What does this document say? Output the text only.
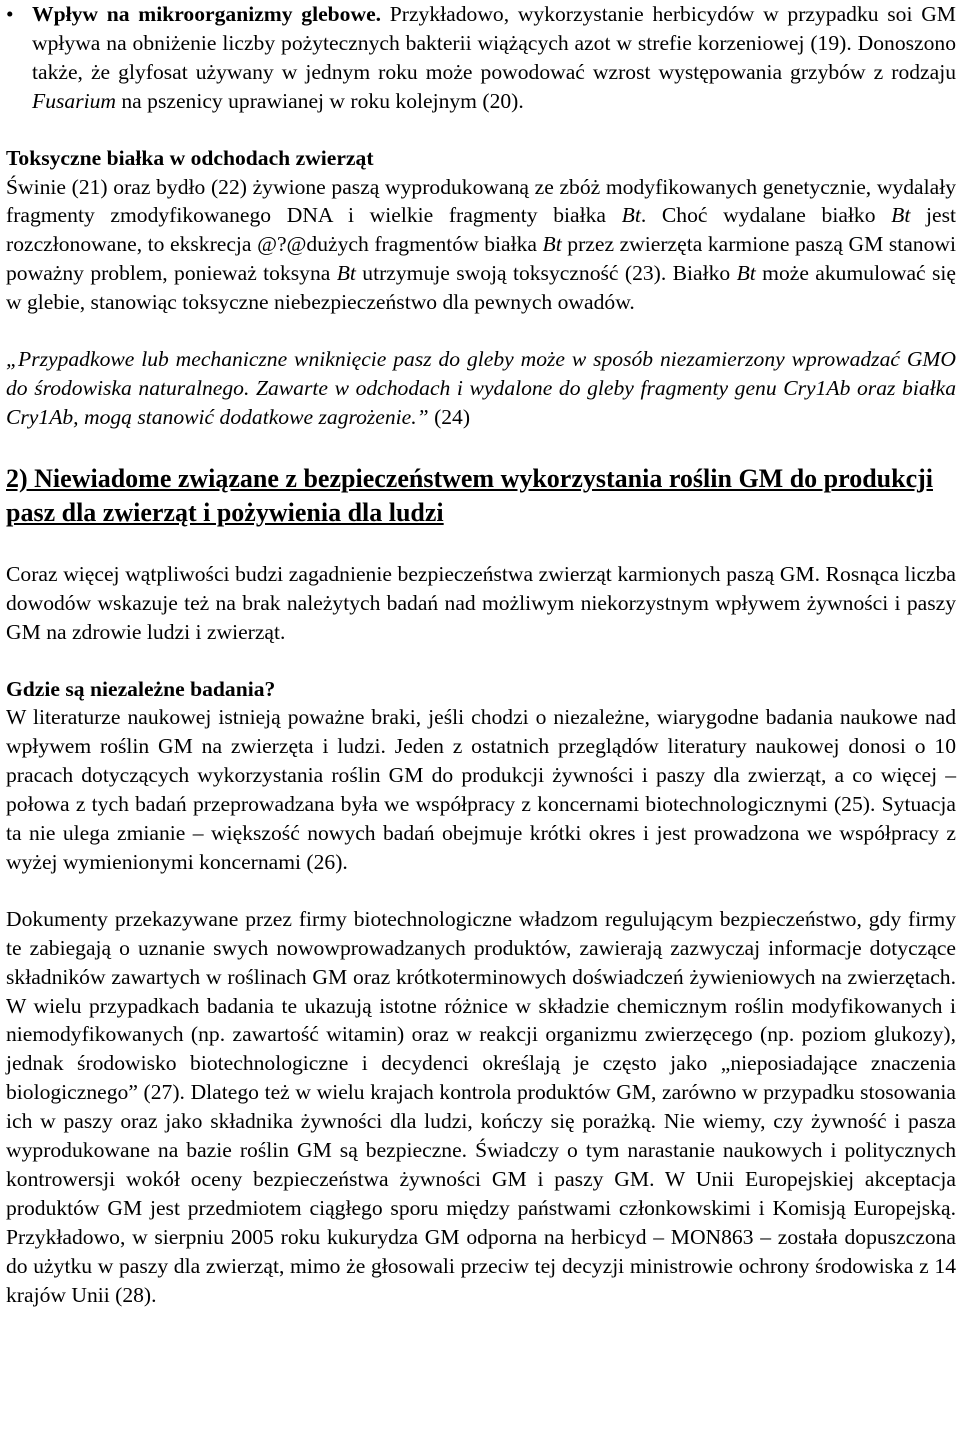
• Wpływ na mikroorganizmy glebowe. Przykładowo, wykorzystanie herbicydów w przypadku soi GM wpływa na obniżenie liczby pożytecznych bakterii wiążących azot w strefie korzeniowej (19). Donoszono także, że glyfosat używany w jednym roku może powodować wzrost występowania grzybów z rodzaju Fusarium na pszenicy uprawianej w roku kolejnym (20).

Toksyczne białka w odchodach zwierząt

Świnie (21) oraz bydło (22) żywione paszą wyprodukowaną ze zbóż modyfikowanych genetycznie, wydalały fragmenty zmodyfikowanego DNA i wielkie fragmenty białka Bt. Choć wydalane białko Bt jest rozczłonowane, to ekskrecja @?@dużych fragmentów białka Bt przez zwierzęta karmione paszą GM stanowi poważny problem, ponieważ toksyna Bt utrzymuje swoją toksyczność (23). Białko Bt może akumulować się w glebie, stanowiąc toksyczne niebezpieczeństwo dla pewnych owadów.

„Przypadkowe lub mechaniczne wniknięcie pasz do gleby może w sposób niezamierzony wprowadzać GMO do środowiska naturalnego. Zawarte w odchodach i wydalone do gleby fragmenty genu Cry1Ab oraz białka Cry1Ab, mogą stanowić dodatkowe zagrożenie.” (24)

2) Niewiadome związane z bezpieczeństwem wykorzystania roślin GM do produkcji pasz dla zwierząt i pożywienia dla ludzi

Coraz więcej wątpliwości budzi zagadnienie bezpieczeństwa zwierząt karmionych paszą GM. Rosnąca liczba dowodów wskazuje też na brak należytych badań nad możliwym niekorzystnym wpływem żywności i paszy GM na zdrowie ludzi i zwierząt.

Gdzie są niezależne badania?

W literaturze naukowej istnieją poważne braki, jeśli chodzi o niezależne, wiarygodne badania naukowe nad wpływem roślin GM na zwierzęta i ludzi. Jeden z ostatnich przeglądów literatury naukowej donosi o 10 pracach dotyczących wykorzystania roślin GM do produkcji żywności i paszy dla zwierząt, a co więcej – połowa z tych badań przeprowadzana była we współpracy z koncernami biotechnologicznymi (25). Sytuacja ta nie ulega zmianie – większość nowych badań obejmuje krótki okres i jest prowadzona we współpracy z wyżej wymienionymi koncernami (26).

Dokumenty przekazywane przez firmy biotechnologiczne władzom regulującym bezpieczeństwo, gdy firmy te zabiegają o uznanie swych nowowprowadzanych produktów, zawierają zazwyczaj informacje dotyczące składników zawartych w roślinach GM oraz krótkoterminowych doświadczeń żywieniowych na zwierzętach. W wielu przypadkach badania te ukazują istotne różnice w składzie chemicznym roślin modyfikowanych i niemodyfikowanych (np. zawartość witamin) oraz w reakcji organizmu zwierzęcego (np. poziom glukozy), jednak środowisko biotechnologiczne i decydenci określają je często jako „nieposiadające znaczenia biologicznego” (27). Dlatego też w wielu krajach kontrola produktów GM, zarówno w przypadku stosowania ich w paszy oraz jako składnika żywności dla ludzi, kończy się porażką. Nie wiemy, czy żywność i pasza wyprodukowane na bazie roślin GM są bezpieczne. Świadczy o tym narastanie naukowych i politycznych kontrowersji wokół oceny bezpieczeństwa żywności GM i paszy GM. W Unii Europejskiej akceptacja produktów GM jest przedmiotem ciągłego sporu między państwami członkowskimi i Komisją Europejską. Przykładowo, w sierpniu 2005 roku kukurydza GM odporna na herbicyd – MON863 – została dopuszczona do użytku w paszy dla zwierząt, mimo że głosowali przeciw tej decyzji ministrowie ochrony środowiska z 14 krajów Unii (28).
